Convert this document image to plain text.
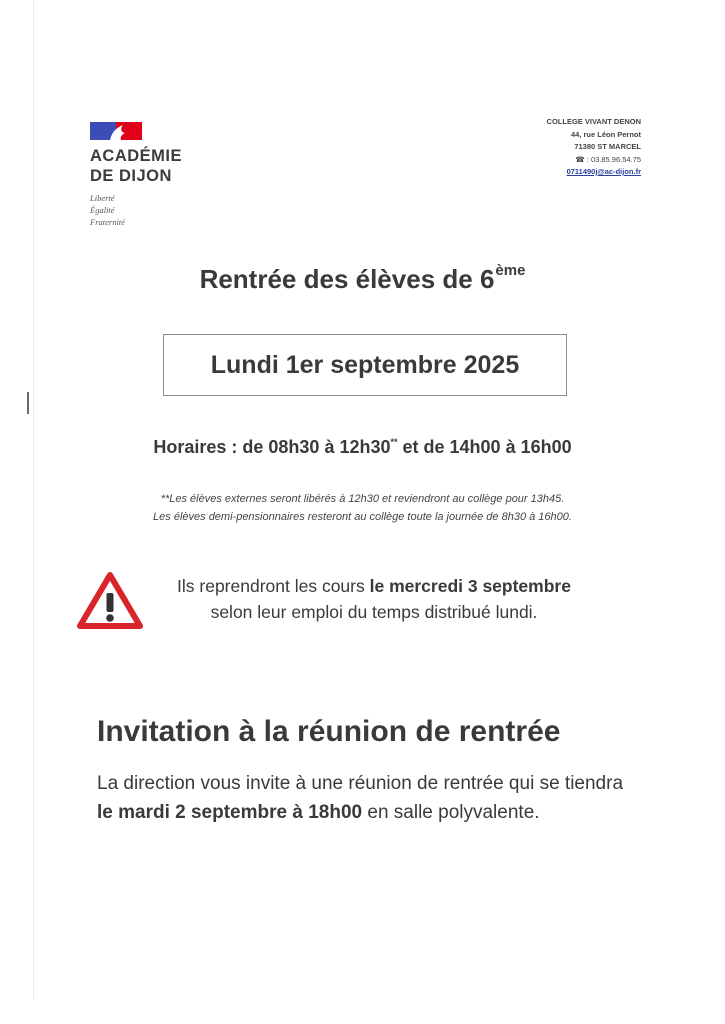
ACADÉMIE
DE DIJON
Liberté
Égalité
Fraternité
COLLEGE VIVANT DENON
44, rue Léon Pernot
71380 ST MARCEL
☎ : 03.85.96.54.75
0711490j@ac-dijon.fr
Rentrée des élèves de 6ème
Lundi 1er septembre 2025
Horaires : de 08h30 à 12h30** et de 14h00 à 16h00
**Les élèves externes seront libérés à 12h30 et reviendront au collège pour 13h45.
Les élèves demi-pensionnaires resteront au collège toute la journée de 8h30 à 16h00.
Ils reprendront les cours le mercredi 3 septembre
selon leur emploi du temps distribué lundi.
Invitation à la réunion de rentrée
La direction vous invite à une réunion de rentrée qui se tiendra le mardi 2 septembre à 18h00 en salle polyvalente.
